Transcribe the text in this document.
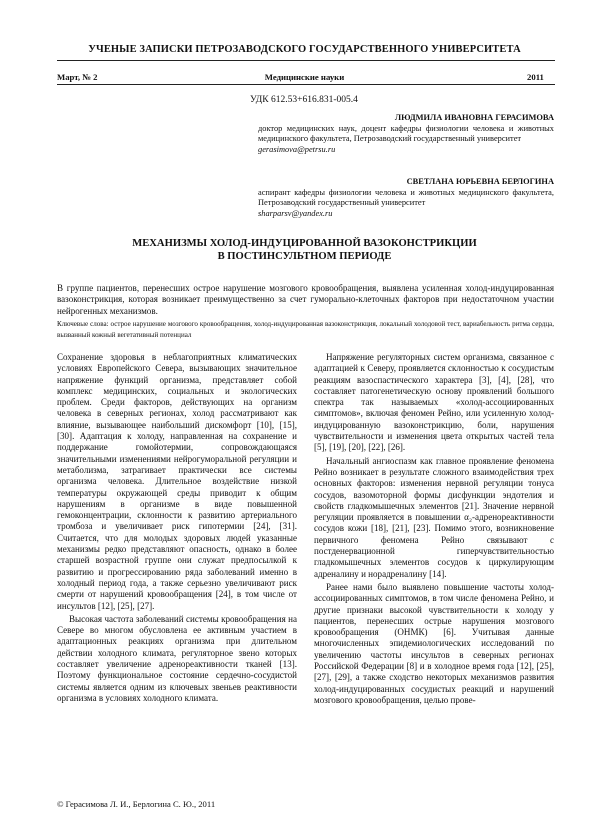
УЧЕНЫЕ ЗАПИСКИ ПЕТРОЗАВОДСКОГО ГОСУДАРСТВЕННОГО УНИВЕРСИТЕТА
Март, № 2	Медицинские науки	2011
УДК 612.53+616.831-005.4
ЛЮДМИЛА ИВАНОВНА ГЕРАСИМОВА
доктор медицинских наук, доцент кафедры физиологии человека и животных медицинского факультета, Петрозаводский государственный университет
gerasimova@petrsu.ru
СВЕТЛАНА ЮРЬЕВНА БЕРЛОГИНА
аспирант кафедры физиологии человека и животных медицинского факультета, Петрозаводский государственный университет
sharparsv@yandex.ru
МЕХАНИЗМЫ ХОЛОД-ИНДУЦИРОВАННОЙ ВАЗОКОНСТРИКЦИИ
В ПОСТИНСУЛЬТНОМ ПЕРИОДЕ
В группе пациентов, перенесших острое нарушение мозгового кровообращения, выявлена усиленная холод-индуцированная вазоконстрикция, которая возникает преимущественно за счет гуморально-клеточных факторов при недостаточном участии нейрогенных механизмов.
Ключевые слова: острое нарушение мозгового кровообращения, холод-индуцированная вазоконстрикция, локальный холодовой тест, вариабельность ритма сердца, вызванный кожный вегетативный потенциал

Сохранение здоровья в неблагоприятных климатических условиях Европейского Севера, вызывающих значительное напряжение функций организма, представляет собой комплекс медицинских, социальных и экологических проблем. Среди факторов, действующих на организм человека в северных регионах, холод рассматривают как влияние, вызывающее наибольший дискомфорт [10], [15], [30]. Адаптация к холоду, направленная на сохранение и поддержание гомойотермии, сопровождающаяся значительными изменениями нейрогуморальной регуляции и метаболизма, затрагивает практически все системы организма человека. Длительное воздействие низкой температуры окружающей среды приводит к общим нарушениям в организме в виде повышенной гемоконцентрации, склонности к развитию артериального тромбоза и увеличивает риск гипотермии [24], [31]. Считается, что для молодых здоровых людей указанные механизмы редко представляют опасность, однако в более старшей возрастной группе они служат предпосылкой к развитию и прогрессированию ряда заболеваний именно в холодный период года, а также серьезно увеличивают риск смерти от нарушений кровообращения [24], в том числе от инсультов [12], [25], [27].

Высокая частота заболеваний системы кровообращения на Севере во многом обусловлена ее активным участием в адаптационных реакциях организма при длительном действии холодного климата, регуляторное звено которых составляет увеличение адренореактивности тканей [13]. Поэтому функциональное состояние сердечно-сосудистой системы является одним из ключевых звеньев реактивности организма в условиях холодного климата.

Напряжение регуляторных систем организма, связанное с адаптацией к Северу, проявляется склонностью к сосудистым реакциям вазоспастического характера [3], [4], [28], что составляет патогенетическую основу проявлений большого спектра так называемых «холод-ассоциированных симптомов», включая феномен Рейно, или усиленную холод-индуцированную вазоконстрикцию, боли, нарушения чувствительности и изменения цвета открытых частей тела [5], [19], [20], [22], [26].

Начальный ангиоспазм как главное проявление феномена Рейно возникает в результате сложного взаимодействия трех основных факторов: изменения нервной регуляции тонуса сосудов, вазомоторной формы дисфункции эндотелия и свойств гладкомышечных элементов [21]. Значение нервной регуляции проявляется в повышении α₂-адренореактивности сосудов кожи [18], [21], [23]. Помимо этого, возникновение первичного феномена Рейно связывают с постденервационной гиперчувствительностью гладкомышечных элементов сосудов к циркулирующим адреналину и норадреналину [14].

Ранее нами было выявлено повышение частоты холод-ассоциированных симптомов, в том числе феномена Рейно, и другие признаки высокой чувствительности к холоду у пациентов, перенесших острые нарушения мозгового кровообращения (ОНМК) [6]. Учитывая данные многочисленных эпидемиологических исследований по увеличению частоты инсультов в северных регионах Российской Федерации [8] и в холодное время года [12], [25], [27], [29], а также сходство некоторых механизмов развития холод-индуцированных сосудистых реакций и нарушений мозгового кровообращения, целью прове-

© Герасимова Л. И., Берлогина С. Ю., 2011
